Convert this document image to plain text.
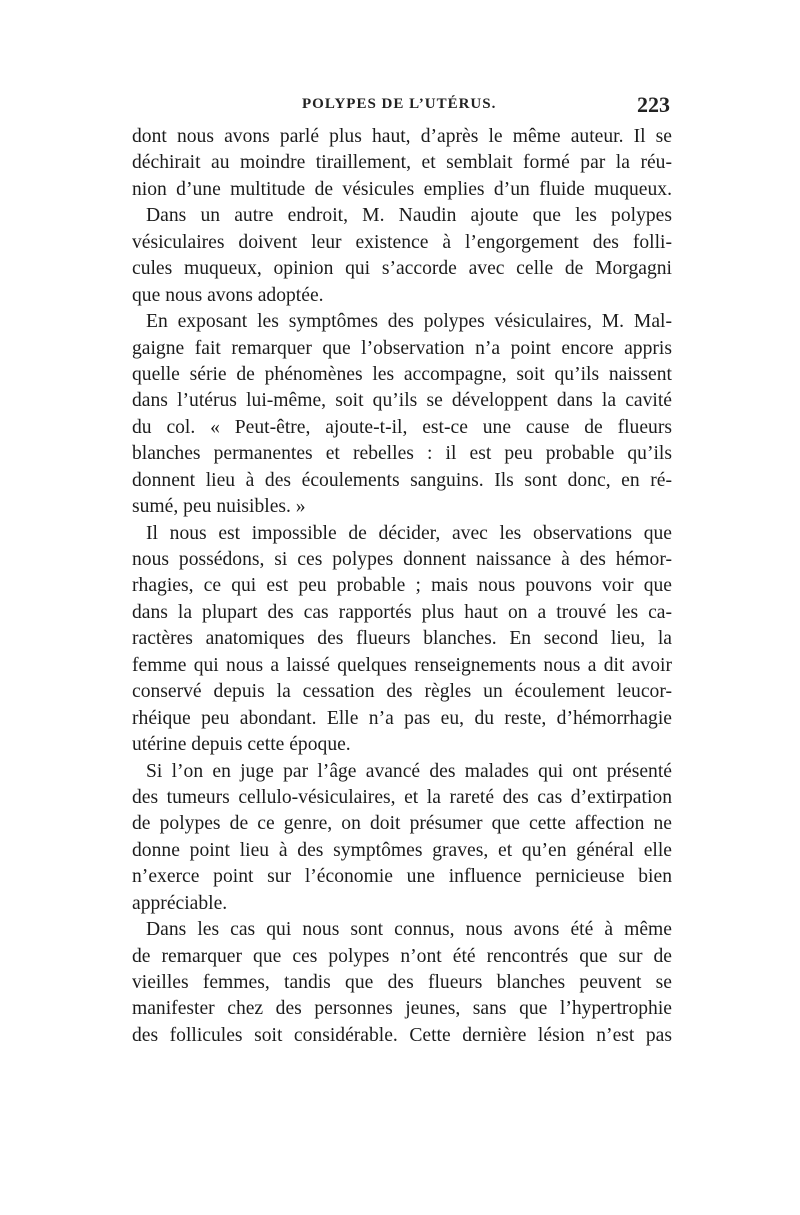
POLYPES DE L’UTÉRUS.	223
dont nous avons parlé plus haut, d’après le même auteur. Il se
déchirait au moindre tiraillement, et semblait formé par la réu-
nion d’une multitude de vésicules emplies d’un fluide muqueux.
Dans un autre endroit, M. Naudin ajoute que les polypes
vésiculaires doivent leur existence à l’engorgement des folli-
cules muqueux, opinion qui s’accorde avec celle de Morgagni
que nous avons adoptée.
En exposant les symptômes des polypes vésiculaires, M. Mal-
gaigne fait remarquer que l’observation n’a point encore appris
quelle série de phénomènes les accompagne, soit qu’ils naissent
dans l’utérus lui-même, soit qu’ils se développent dans la cavité
du col. « Peut-être, ajoute-t-il, est-ce une cause de flueurs
blanches permanentes et rebelles : il est peu probable qu’ils
donnent lieu à des écoulements sanguins. Ils sont donc, en ré-
sumé, peu nuisibles. »
Il nous est impossible de décider, avec les observations que
nous possédons, si ces polypes donnent naissance à des hémor-
rhagies, ce qui est peu probable ; mais nous pouvons voir que
dans la plupart des cas rapportés plus haut on a trouvé les ca-
ractères anatomiques des flueurs blanches. En second lieu, la
femme qui nous a laissé quelques renseignements nous a dit avoir
conservé depuis la cessation des règles un écoulement leucor-
rhéique peu abondant. Elle n’a pas eu, du reste, d’hémorrhagie
utérine depuis cette époque.
Si l’on en juge par l’âge avancé des malades qui ont présenté
des tumeurs cellulo-vésiculaires, et la rareté des cas d’extirpation
de polypes de ce genre, on doit présumer que cette affection ne
donne point lieu à des symptômes graves, et qu’en général elle
n’exerce point sur l’économie une influence pernicieuse bien
appréciable.
Dans les cas qui nous sont connus, nous avons été à même
de remarquer que ces polypes n’ont été rencontrés que sur de
vieilles femmes, tandis que des flueurs blanches peuvent se
manifester chez des personnes jeunes, sans que l’hypertrophie
des follicules soit considérable. Cette dernière lésion n’est pas
